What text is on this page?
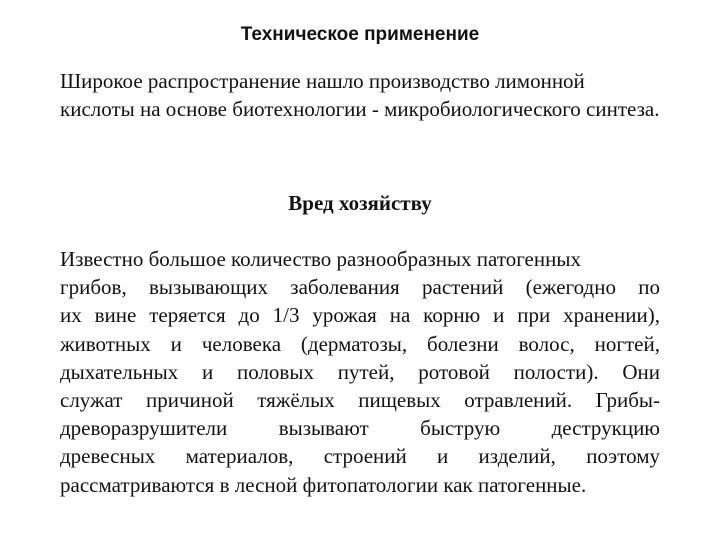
Техническое применение
Широкое распространение нашло производство лимонной кислоты на основе биотехнологии - микробиологического синтеза.
Вред хозяйству
Известно большое количество разнообразных патогенных
грибов, вызывающих заболевания растений (ежегодно по
их вине теряется до 1/3 урожая на корню и при хранении),
животных и человека (дерматозы, болезни волос, ногтей,
дыхательных и половых путей, ротовой полости). Они
служат причиной тяжёлых пищевых отравлений. Грибы-
древоразрушители вызывают быструю деструкцию
древесных материалов, строений и изделий, поэтому
рассматриваются в лесной фитопатологии как патогенные.
